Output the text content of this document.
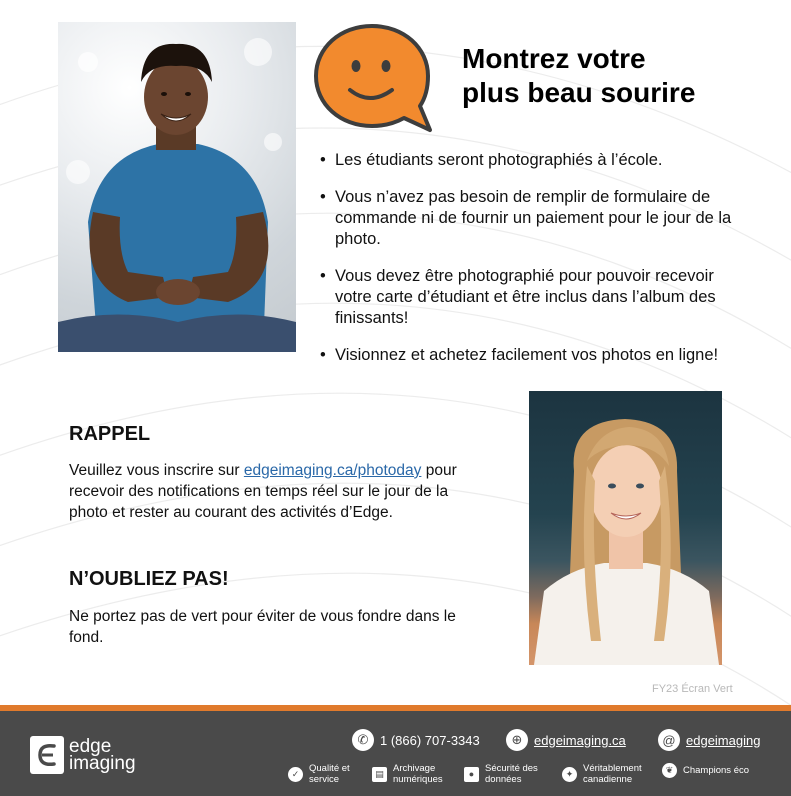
Montrez votre
plus beau sourire
• Les étudiants seront photographiés à l’école.
• Vous n’avez pas besoin de remplir de formulaire de commande ni de fournir un paiement pour le jour de la photo.
• Vous devez être photographié pour pouvoir recevoir votre carte d’étudiant et être inclus dans l’album des finissants!
• Visionnez et achetez facilement vos photos en ligne!
RAPPEL
Veuillez vous inscrire sur edgeimaging.ca/photoday pour recevoir des notifications en temps réel sur le jour de la photo et rester au courant des activités d’Edge.
N’OUBLIEZ PAS!
Ne portez pas de vert pour éviter de vous fondre dans le fond.
FY23 Écran Vert
edge
imaging
✆ 1 (866) 707-3343	⊕ edgeimaging.ca	@ edgeimaging
✓	Qualité et
service
▤ Archivage
numériques
●	Sécurité des
données
✦	Véritablement
canadienne
❦	Champions éco
